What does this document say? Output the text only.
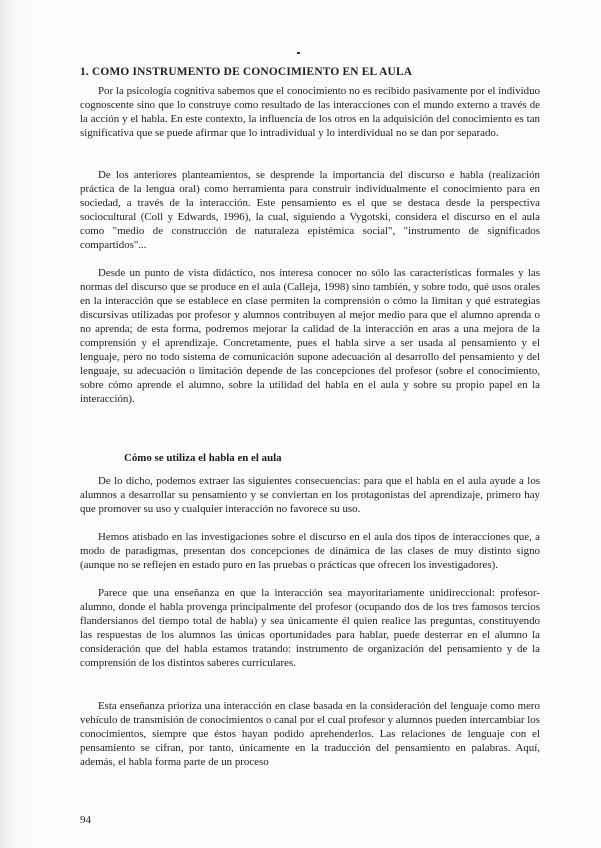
1. COMO INSTRUMENTO DE CONOCIMIENTO EN EL AULA

Por la psicología cognitiva sabemos que el conocimiento no es recibido pasivamente por el individuo cognoscente sino que lo construye como resultado de las interacciones con el mundo externo a través de la acción y el habla. En este contexto, la influencia de los otros en la adquisición del conocimiento es tan significativa que se puede afirmar que lo intradividual y lo interdividual no se dan por separado.

De los anteriores planteamientos, se desprende la importancia del discurso e habla (realización práctica de la lengua oral) como herramienta para construir individualmente el conocimiento para en sociedad, a través de la interacción. Este pensamiento es el que se destaca desde la perspectiva sociocultural (Coll y Edwards, 1996), la cual, siguiendo a Vygotski, considera el discurso en el aula como "medio de construcción de naturaleza epistémica social", "instrumento de significados compartidos"...

Desde un punto de vista didáctico, nos interesa conocer no sólo las características formales y las normas del discurso que se produce en el aula (Calleja, 1998) sino también, y sobre todo, qué usos orales en la interacción que se establece en clase permiten la comprensión o cómo la limitan y qué estrategias discursivas utilizadas por profesor y alumnos contribuyen al mejor medio para que el alumno aprenda o no aprenda; de esta forma, podremos mejorar la calidad de la interacción en aras a una mejora de la comprensión y el aprendizaje. Concretamente, pues el habla sirve a ser usada al pensamiento y el lenguaje, pero no todo sistema de comunicación supone adecuación al desarrollo del pensamiento y del lenguaje, su adecuación o limitación depende de las concepciones del profesor (sobre el conocimiento, sobre cómo aprende el alumno, sobre la utilidad del habla en el aula y sobre su propio papel en la interacción).

Cómo se utiliza el habla en el aula

De lo dicho, podemos extraer las siguientes consecuencias: para que el habla en el aula ayude a los alumnos a desarrollar su pensamiento y se conviertan en los protagonistas del aprendizaje, primero hay que promover su uso y cualquier interacción no favorece su uso.

Hemos atisbado en las investigaciones sobre el discurso en el aula dos tipos de interacciones que, a modo de paradigmas, presentan dos concepciones de dinámica de las clases de muy distinto signo (aunque no se reflejen en estado puro en las pruebas o prácticas que ofrecen los investigadores).

Parece que una enseñanza en que la interacción sea mayoritariamente unidireccional: profesor-alumno, donde el habla provenga principalmente del profesor (ocupando dos de los tres famosos tercios flandersianos del tiempo total de habla) y sea únicamente él quien realice las preguntas, constituyendo las respuestas de los alumnos las únicas oportunidades para hablar, puede desterrar en el alumno la consideración que del habla estamos tratando: instrumento de organización del pensamiento y de la comprensión de los distintos saberes curriculares.

Esta enseñanza prioriza una interacción en clase basada en la consideración del lenguaje como mero vehículo de transmisión de conocimientos o canal por el cual profesor y alumnos pueden intercambiar los conocimientos, siempre que éstos hayan podido aprehenderlos. Las relaciones de lenguaje con el pensamiento se cifran, por tanto, únicamente en la traducción del pensamiento en palabras. Aquí, además, el habla forma parte de un proceso

94
